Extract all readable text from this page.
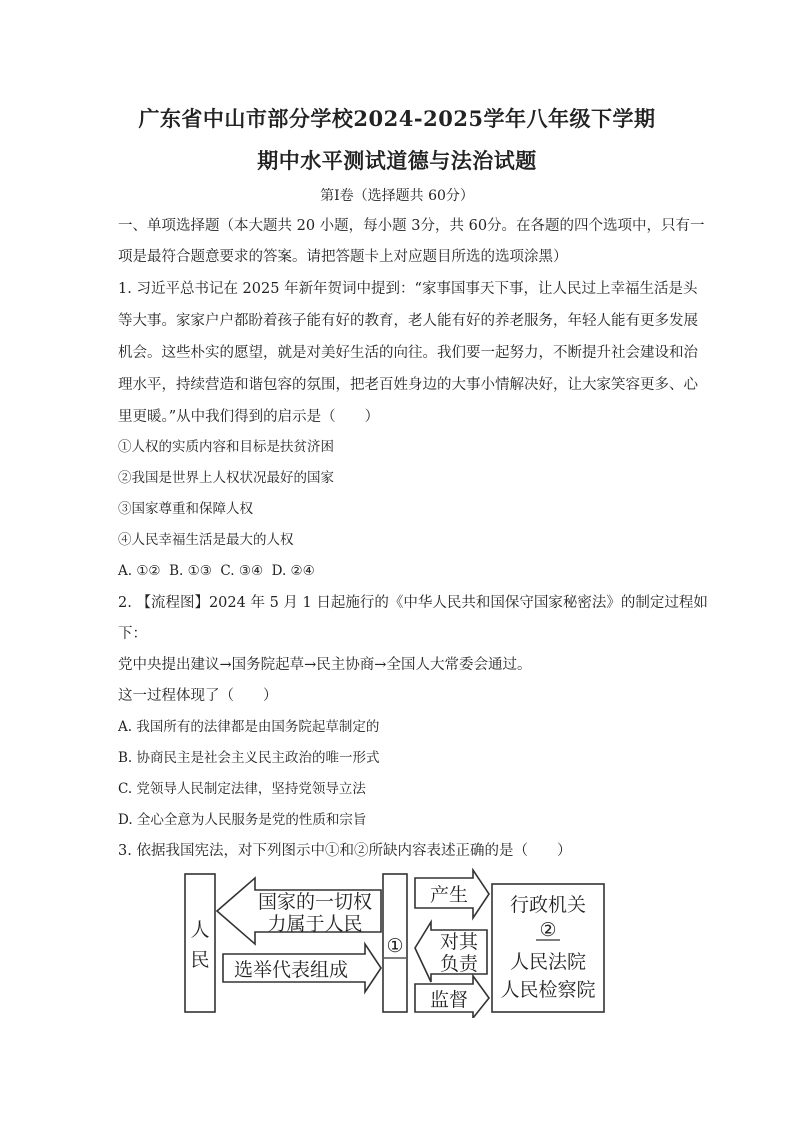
广东省中山市部分学校2024-2025学年八年级下学期
期中水平测试道德与法治试题
第Ⅰ卷（选择题共 60分）
一、单项选择题（本大题共 20 小题，每小题 3分，共 60分。在各题的四个选项中，只有一
项是最符合题意要求的答案。请把答题卡上对应题目所选的选项涂黑）
1. 习近平总书记在 2025 年新年贺词中提到：“家事国事天下事，让人民过上幸福生活是头
等大事。家家户户都盼着孩子能有好的教育，老人能有好的养老服务，年轻人能有更多发展
机会。这些朴实的愿望，就是对美好生活的向往。我们要一起努力，不断提升社会建设和治
理水平，持续营造和谐包容的氛围，把老百姓身边的大事小情解决好，让大家笑容更多、心
里更暖。”从中我们得到的启示是（　　）
①人权的实质内容和目标是扶贫济困
②我国是世界上人权状况最好的国家
③国家尊重和保障人权
④人民幸福生活是最大的人权
A. ①②  B. ①③  C. ③④  D. ②④
2. 【流程图】2024 年 5 月 1 日起施行的《中华人民共和国保守国家秘密法》的制定过程如
下：
党中央提出建议→国务院起草→民主协商→全国人大常委会通过。
这一过程体现了（　　）
A. 我国所有的法律都是由国务院起草制定的
B. 协商民主是社会主义民主政治的唯一形式
C. 党领导人民制定法律，坚持党领导立法
D. 全心全意为人民服务是党的性质和宗旨
3. 依据我国宪法，对下列图示中①和②所缺内容表述正确的是（　　）
人
民
国家的一切权
力属于人民
选举代表组成
①
产生
对其
负责
监督
行政机关
②
人民法院
人民检察院
